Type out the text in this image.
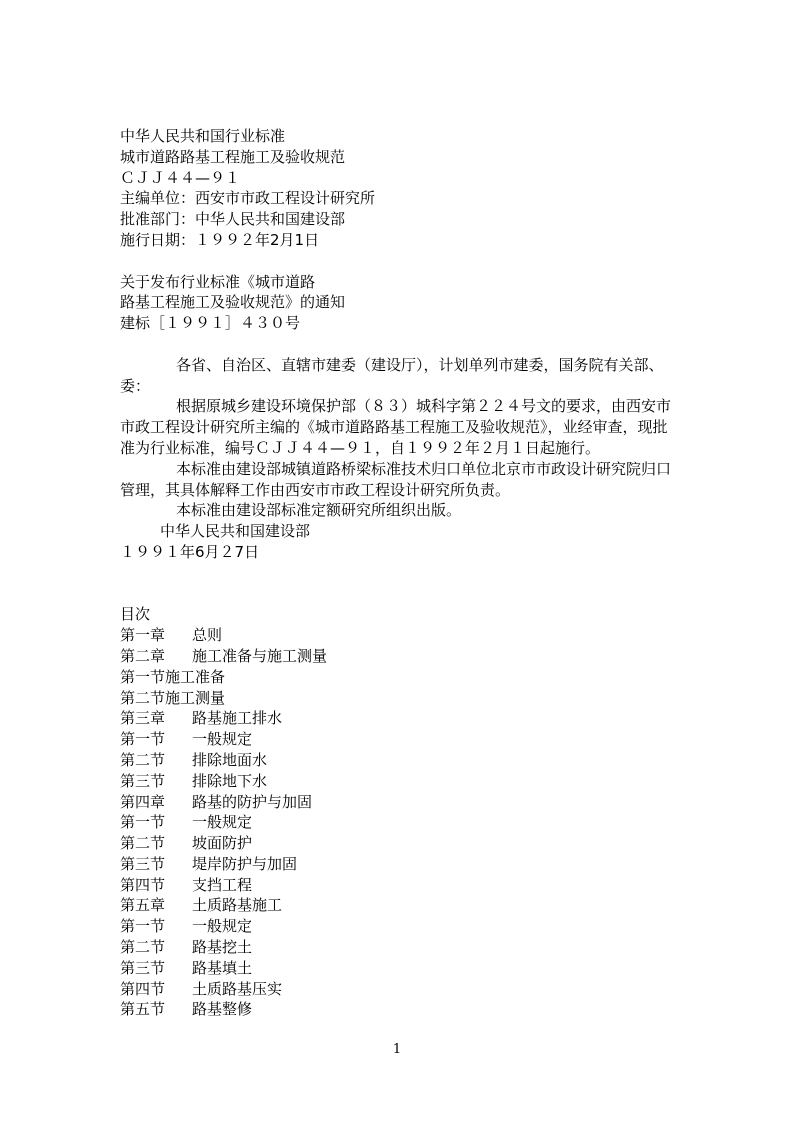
中华人民共和国行业标准
城市道路路基工程施工及验收规范
ＣＪＪ４４—９１
主编单位：西安市市政工程设计研究所
批准部门：中华人民共和国建设部
施行日期：１９９２年2月1日
关于发布行业标准《城市道路
路基工程施工及验收规范》的通知
建标［１９９１］４３０号
各省、自治区、直辖市建委（建设厅），计划单列市建委，国务院有关部、委：
根据原城乡建设环境保护部（８３）城科字第２２４号文的要求，由西安市市政工程设计研究所主编的《城市道路路基工程施工及验收规范》，业经审查，现批准为行业标准，编号ＣＪＪ４４—９１，自１９９２年２月１日起施行。
本标准由建设部城镇道路桥梁标准技术归口单位北京市市政设计研究院归口管理，其具体解释工作由西安市市政工程设计研究所负责。
本标准由建设部标准定额研究所组织出版。
中华人民共和国建设部
１９９１年6月２7日
目次
第一章	总则
第二章	施工准备与施工测量
第一节施工准备
第二节施工测量
第三章	路基施工排水
第一节	一般规定
第二节	排除地面水
第三节	排除地下水
第四章	路基的防护与加固
第一节	一般规定
第二节	坡面防护
第三节	堤岸防护与加固
第四节	支挡工程
第五章	土质路基施工
第一节	一般规定
第二节	路基挖土
第三节	路基填土
第四节	土质路基压实
第五节	路基整修
1
